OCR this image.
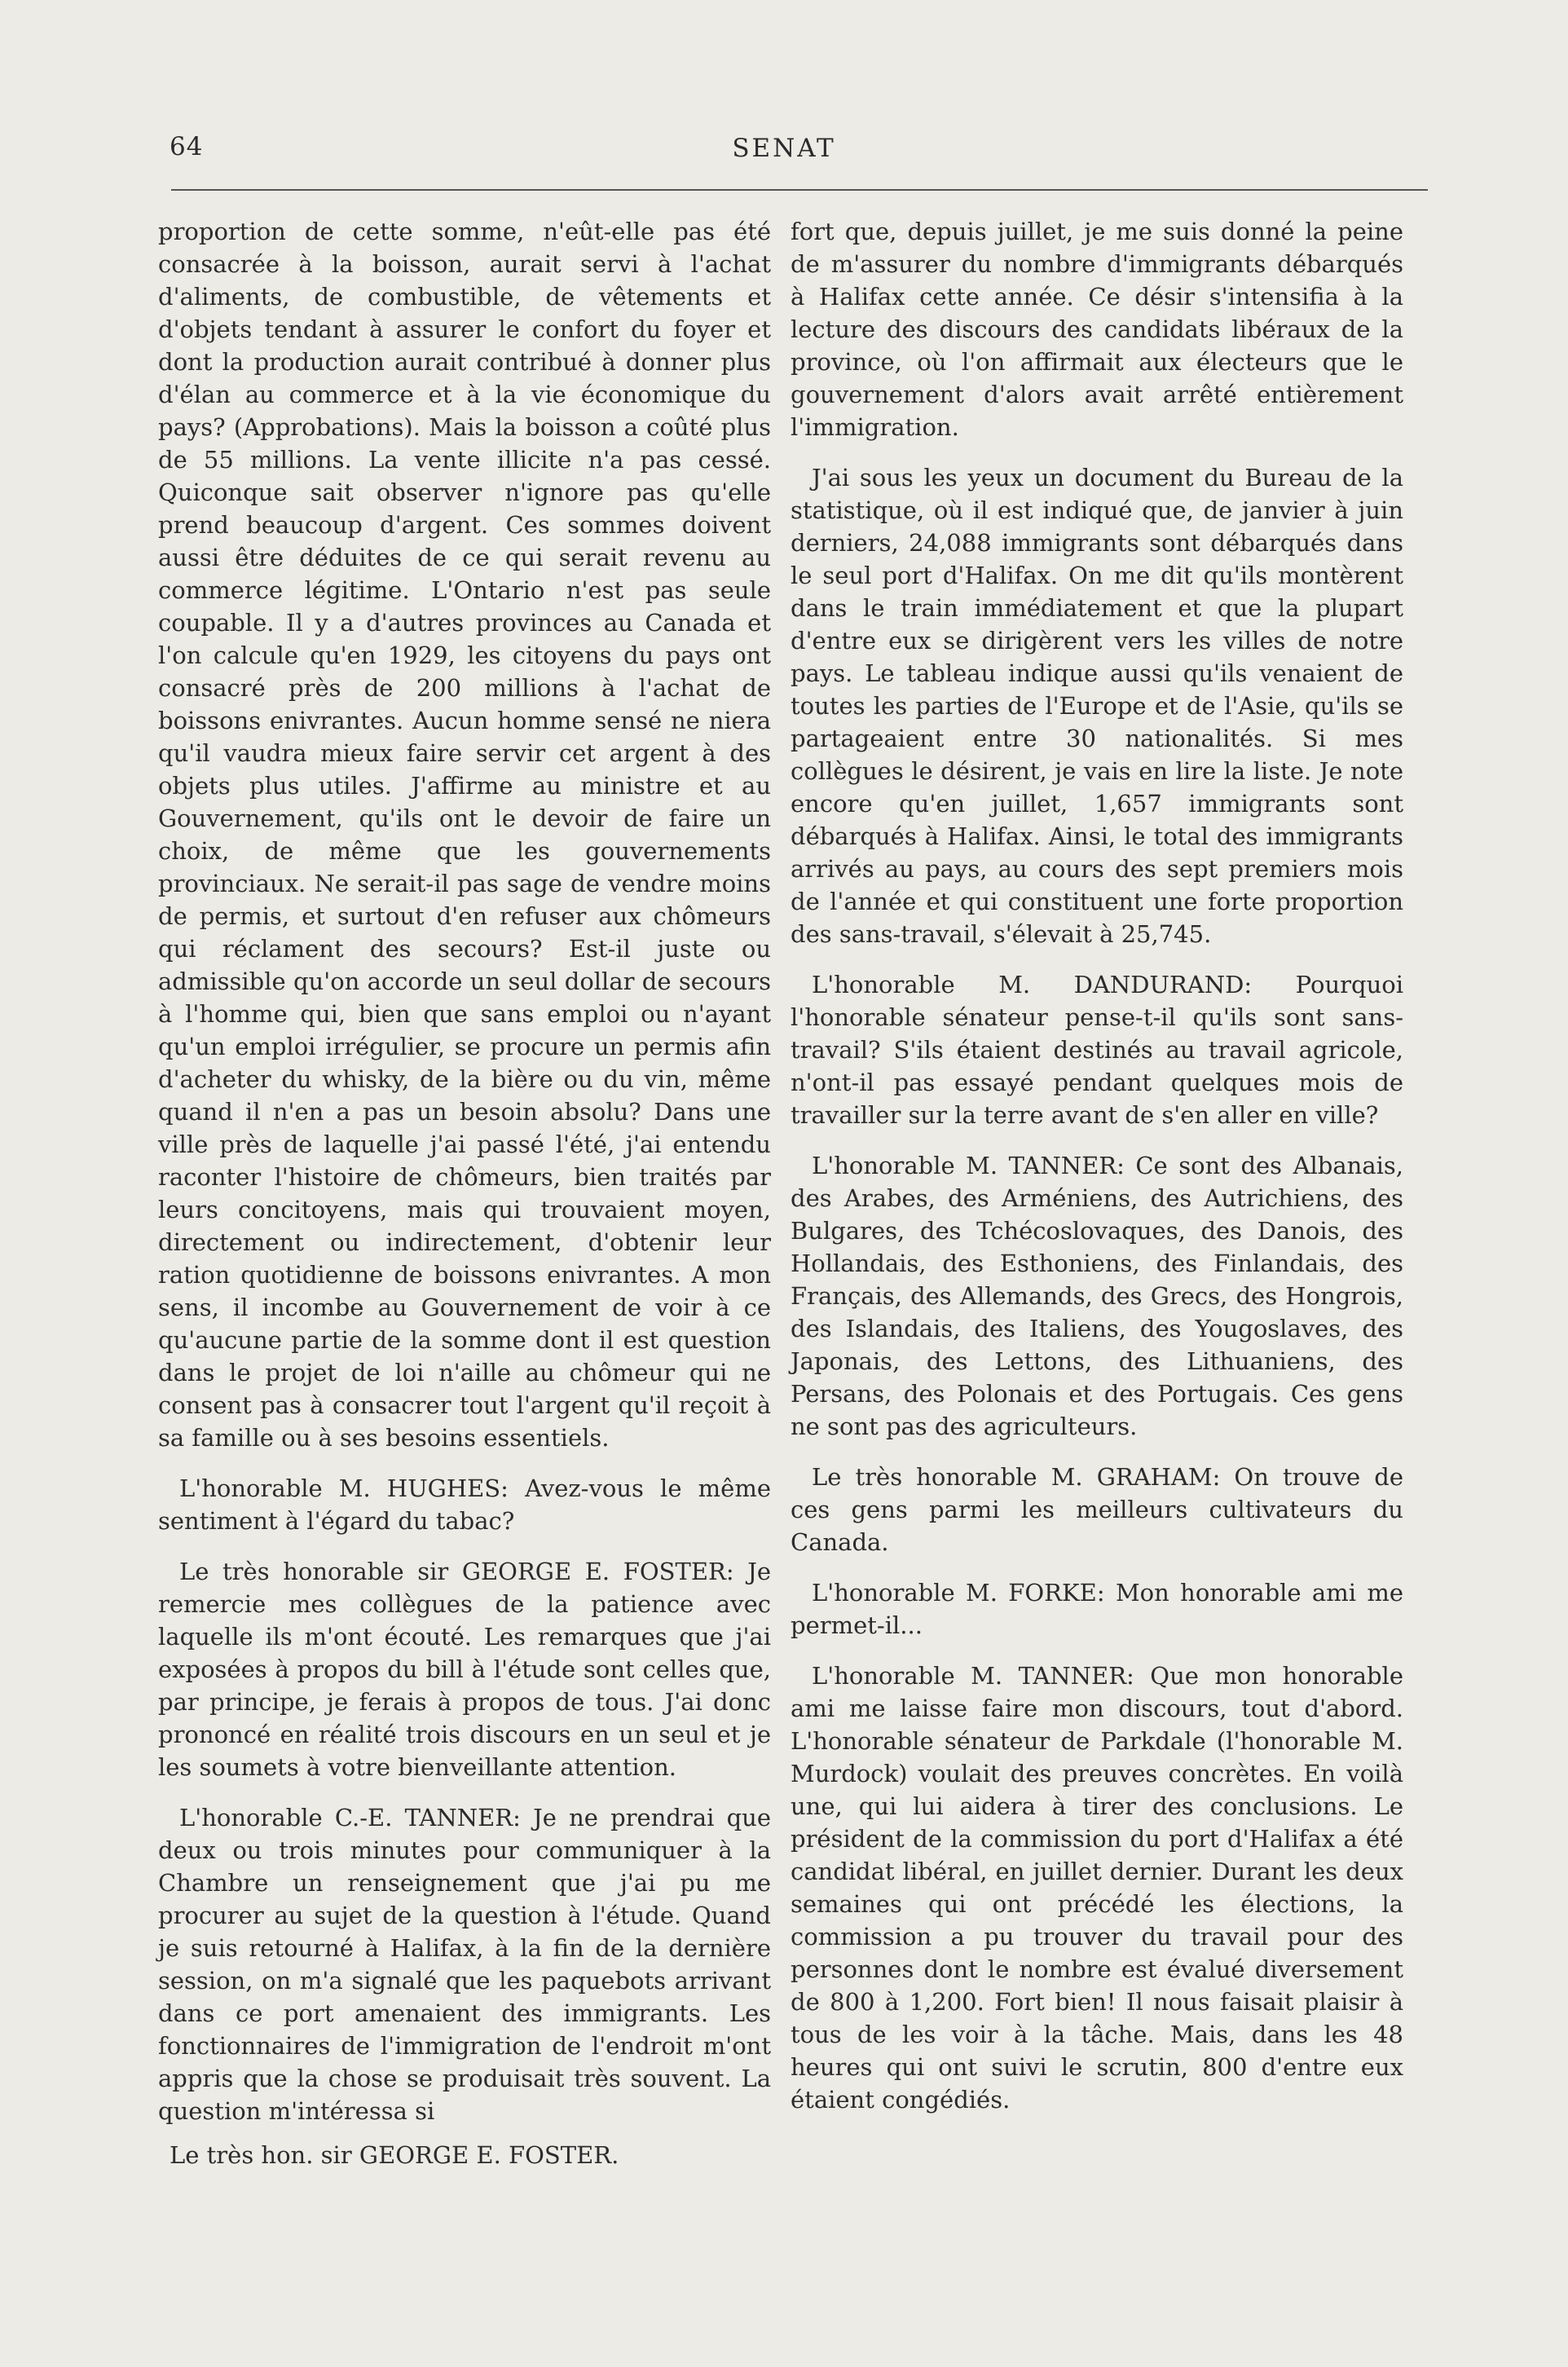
64	SENAT

proportion de cette somme, n'eût-elle pas été consacrée à la boisson, aurait servi à l'achat d'aliments, de combustible, de vêtements et d'objets tendant à assurer le confort du foyer et dont la production aurait contribué à donner plus d'élan au commerce et à la vie économique du pays? (Approbations). Mais la boisson a coûté plus de 55 millions. La vente illicite n'a pas cessé. Quiconque sait observer n'ignore pas qu'elle prend beaucoup d'argent. Ces sommes doivent aussi être déduites de ce qui serait revenu au commerce légitime. L'Ontario n'est pas seule coupable. Il y a d'autres provinces au Canada et l'on calcule qu'en 1929, les citoyens du pays ont consacré près de 200 millions à l'achat de boissons enivrantes. Aucun homme sensé ne niera qu'il vaudra mieux faire servir cet argent à des objets plus utiles. J'affirme au ministre et au Gouvernement, qu'ils ont le devoir de faire un choix, de même que les gouvernements provinciaux. Ne serait-il pas sage de vendre moins de permis, et surtout d'en refuser aux chômeurs qui réclament des secours? Est-il juste ou admissible qu'on accorde un seul dollar de secours à l'homme qui, bien que sans emploi ou n'ayant qu'un emploi irrégulier, se procure un permis afin d'acheter du whisky, de la bière ou du vin, même quand il n'en a pas un besoin absolu? Dans une ville près de laquelle j'ai passé l'été, j'ai entendu raconter l'histoire de chômeurs, bien traités par leurs concitoyens, mais qui trouvaient moyen, directement ou indirectement, d'obtenir leur ration quotidienne de boissons enivrantes. A mon sens, il incombe au Gouvernement de voir à ce qu'aucune partie de la somme dont il est question dans le projet de loi n'aille au chômeur qui ne consent pas à consacrer tout l'argent qu'il reçoit à sa famille ou à ses besoins essentiels.

L'honorable M. HUGHES: Avez-vous le même sentiment à l'égard du tabac?

Le très honorable sir GEORGE E. FOSTER: Je remercie mes collègues de la patience avec laquelle ils m'ont écouté. Les remarques que j'ai exposées à propos du bill à l'étude sont celles que, par principe, je ferais à propos de tous. J'ai donc prononcé en réalité trois discours en un seul et je les soumets à votre bienveillante attention.

L'honorable C.-E. TANNER: Je ne prendrai que deux ou trois minutes pour communiquer à la Chambre un renseignement que j'ai pu me procurer au sujet de la question à l'étude. Quand je suis retourné à Halifax, à la fin de la dernière session, on m'a signalé que les paquebots arrivant dans ce port amenaient des immigrants. Les fonctionnaires de l'immigration de l'endroit m'ont appris que la chose se produisait très souvent. La question m'intéressa si

Le très hon. sir GEORGE E. FOSTER.

fort que, depuis juillet, je me suis donné la peine de m'assurer du nombre d'immigrants débarqués à Halifax cette année. Ce désir s'intensifia à la lecture des discours des candidats libéraux de la province, où l'on affirmait aux électeurs que le gouvernement d'alors avait arrêté entièrement l'immigration.

J'ai sous les yeux un document du Bureau de la statistique, où il est indiqué que, de janvier à juin derniers, 24,088 immigrants sont débarqués dans le seul port d'Halifax. On me dit qu'ils montèrent dans le train immédiatement et que la plupart d'entre eux se dirigèrent vers les villes de notre pays. Le tableau indique aussi qu'ils venaient de toutes les parties de l'Europe et de l'Asie, qu'ils se partageaient entre 30 nationalités. Si mes collègues le désirent, je vais en lire la liste. Je note encore qu'en juillet, 1,657 immigrants sont débarqués à Halifax. Ainsi, le total des immigrants arrivés au pays, au cours des sept premiers mois de l'année et qui constituent une forte proportion des sans-travail, s'élevait à 25,745.

L'honorable M. DANDURAND: Pourquoi l'honorable sénateur pense-t-il qu'ils sont sans-travail? S'ils étaient destinés au travail agricole, n'ont-il pas essayé pendant quelques mois de travailler sur la terre avant de s'en aller en ville?

L'honorable M. TANNER: Ce sont des Albanais, des Arabes, des Arméniens, des Autrichiens, des Bulgares, des Tchécoslovaques, des Danois, des Hollandais, des Esthoniens, des Finlandais, des Français, des Allemands, des Grecs, des Hongrois, des Islandais, des Italiens, des Yougoslaves, des Japonais, des Lettons, des Lithuaniens, des Persans, des Polonais et des Portugais. Ces gens ne sont pas des agriculteurs.

Le très honorable M. GRAHAM: On trouve de ces gens parmi les meilleurs cultivateurs du Canada.

L'honorable M. FORKE: Mon honorable ami me permet-il...

L'honorable M. TANNER: Que mon honorable ami me laisse faire mon discours, tout d'abord. L'honorable sénateur de Parkdale (l'honorable M. Murdock) voulait des preuves concrètes. En voilà une, qui lui aidera à tirer des conclusions. Le président de la commission du port d'Halifax a été candidat libéral, en juillet dernier. Durant les deux semaines qui ont précédé les élections, la commission a pu trouver du travail pour des personnes dont le nombre est évalué diversement de 800 à 1,200. Fort bien! Il nous faisait plaisir à tous de les voir à la tâche. Mais, dans les 48 heures qui ont suivi le scrutin, 800 d'entre eux étaient congédiés.
